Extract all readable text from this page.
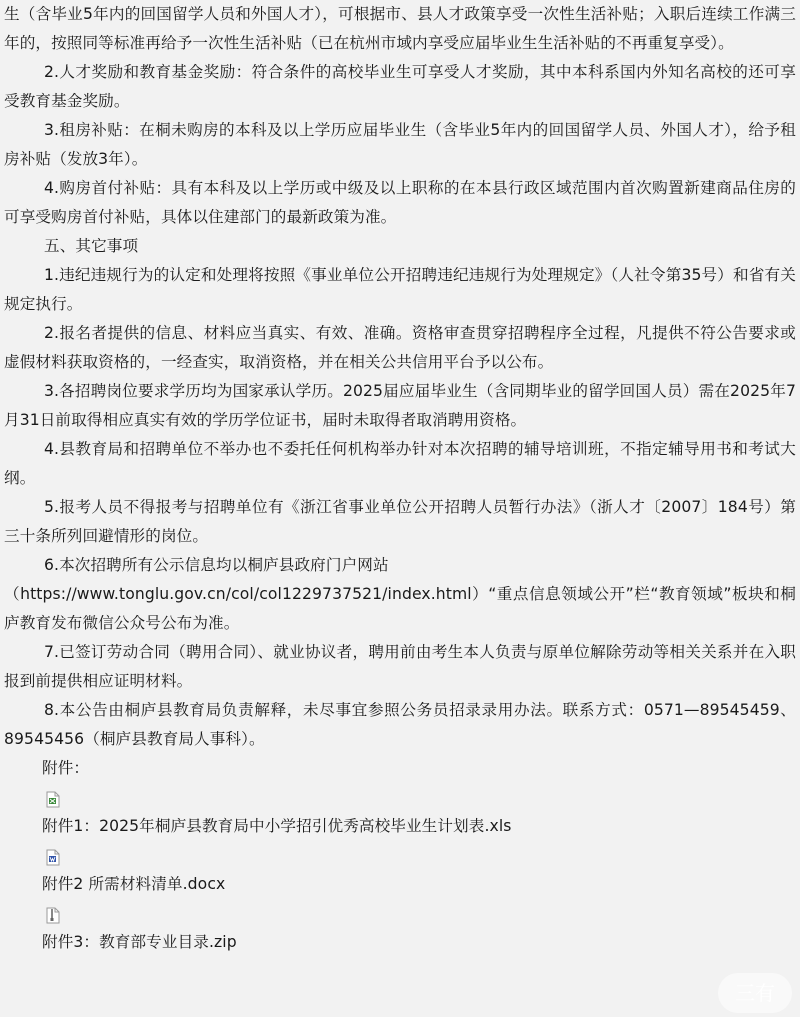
生（含毕业5年内的回国留学人员和外国人才），可根据市、县人才政策享受一次性生活补贴；入职后连续工作满三年的，按照同等标准再给予一次性生活补贴（已在杭州市域内享受应届毕业生生活补贴的不再重复享受）。

2.人才奖励和教育基金奖励：符合条件的高校毕业生可享受人才奖励，其中本科系国内外知名高校的还可享受教育基金奖励。

3.租房补贴：在桐未购房的本科及以上学历应届毕业生（含毕业5年内的回国留学人员、外国人才），给予租房补贴（发放3年）。

4.购房首付补贴：具有本科及以上学历或中级及以上职称的在本县行政区域范围内首次购置新建商品住房的可享受购房首付补贴，具体以住建部门的最新政策为准。

五、其它事项

1.违纪违规行为的认定和处理将按照《事业单位公开招聘违纪违规行为处理规定》（人社令第35号）和省有关规定执行。

2.报名者提供的信息、材料应当真实、有效、准确。资格审查贯穿招聘程序全过程，凡提供不符公告要求或虚假材料获取资格的，一经查实，取消资格，并在相关公共信用平台予以公布。

3.各招聘岗位要求学历均为国家承认学历。2025届应届毕业生（含同期毕业的留学回国人员）需在2025年7月31日前取得相应真实有效的学历学位证书，届时未取得者取消聘用资格。

4.县教育局和招聘单位不举办也不委托任何机构举办针对本次招聘的辅导培训班，不指定辅导用书和考试大纲。

5.报考人员不得报考与招聘单位有《浙江省事业单位公开招聘人员暂行办法》（浙人才〔2007〕184号）第三十条所列回避情形的岗位。

6.本次招聘所有公示信息均以桐庐县政府门户网站

（https://www.tonglu.gov.cn/col/col1229737521/index.html）“重点信息领域公开”栏“教育领域”板块和桐庐教育发布微信公众号公布为准。

7.已签订劳动合同（聘用合同）、就业协议者，聘用前由考生本人负责与原单位解除劳动等相关关系并在入职报到前提供相应证明材料。

8.本公告由桐庐县教育局负责解释，未尽事宜参照公务员招录录用办法。联系方式：0571—89545459、89545456（桐庐县教育局人事科）。

附件：

附件1：2025年桐庐县教育局中小学招引优秀高校毕业生计划表.xls
附件2 所需材料清单.docx
附件3：教育部专业目录.zip
三有
